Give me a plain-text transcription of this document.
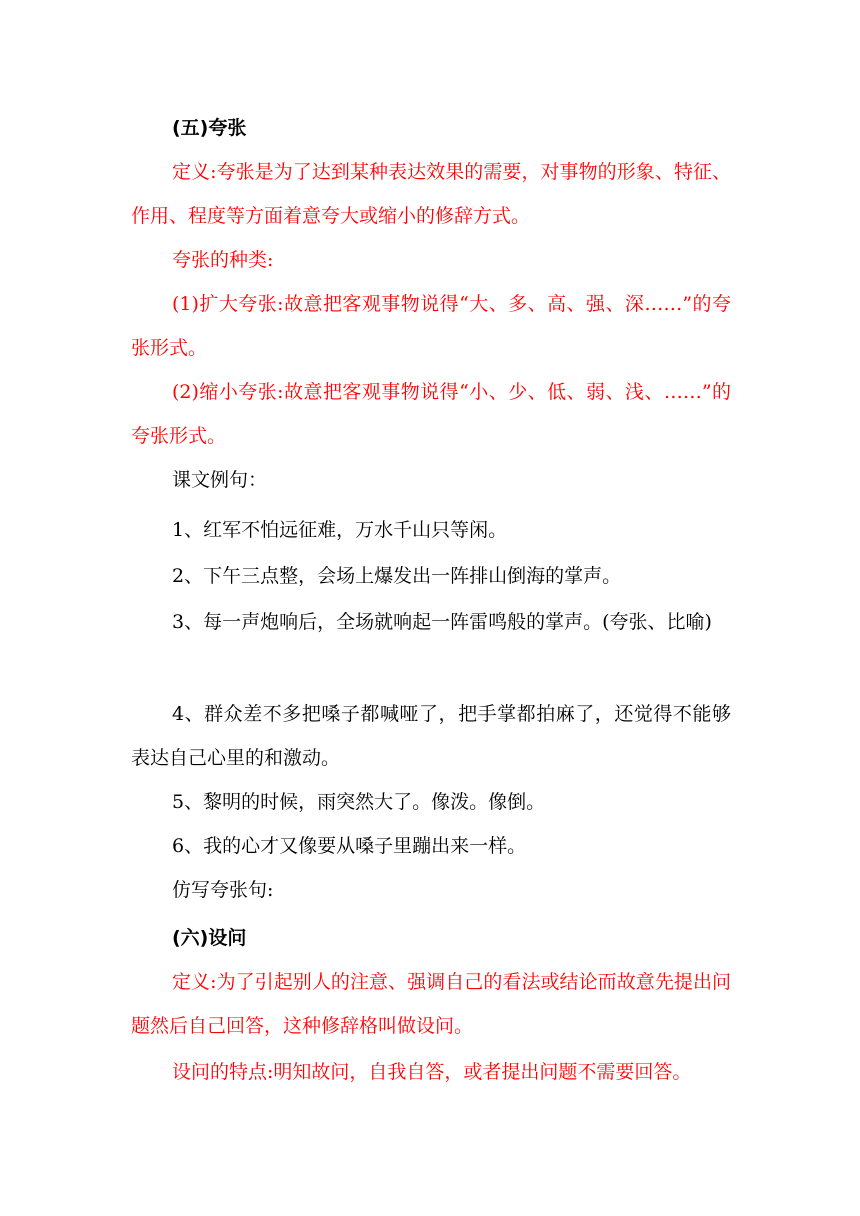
(五)夸张

定义:夸张是为了达到某种表达效果的需要，对事物的形象、特征、作用、程度等方面着意夸大或缩小的修辞方式。

夸张的种类:

(1)扩大夸张:故意把客观事物说得“大、多、高、强、深……”的夸张形式。

(2)缩小夸张:故意把客观事物说得“小、少、低、弱、浅、……”的夸张形式。

课文例句：

1、红军不怕远征难，万水千山只等闲。

2、下午三点整，会场上爆发出一阵排山倒海的掌声。

3、每一声炮响后，全场就响起一阵雷鸣般的掌声。(夸张、比喻)

4、群众差不多把嗓子都喊哑了，把手掌都拍麻了，还觉得不能够表达自己心里的和激动。

5、黎明的时候，雨突然大了。像泼。像倒。

6、我的心才又像要从嗓子里蹦出来一样。

仿写夸张句:

(六)设问

定义:为了引起别人的注意、强调自己的看法或结论而故意先提出问题然后自己回答，这种修辞格叫做设问。

设问的特点:明知故问，自我自答，或者提出问题不需要回答。
